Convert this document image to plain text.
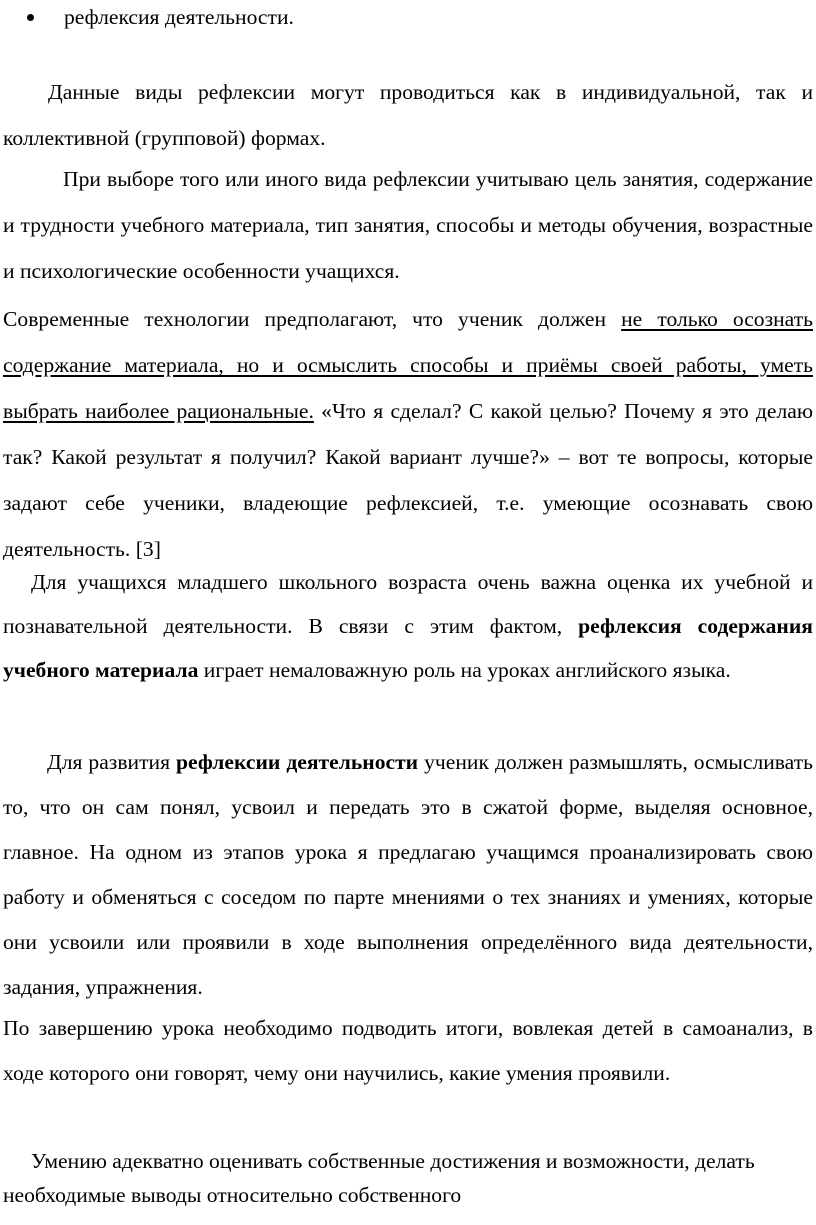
рефлексия деятельности.

Данные виды рефлексии могут проводиться как в индивидуальной, так и коллективной (групповой) формах.

При выборе того или иного вида рефлексии учитываю цель занятия, содержание и трудности учебного материала, тип занятия, способы и методы обучения, возрастные и психологические особенности учащихся.

Современные технологии предполагают, что ученик должен не только осознать содержание материала, но и осмыслить способы и приёмы своей работы, уметь выбрать наиболее рациональные. «Что я сделал? С какой целью? Почему я это делаю так? Какой результат я получил? Какой вариант лучше?» – вот те вопросы, которые задают себе ученики, владеющие рефлексией, т.е. умеющие осознавать свою деятельность. [3]

Для учащихся младшего школьного возраста очень важна оценка их учебной и познавательной деятельности. В связи с этим фактом, рефлексия содержания учебного материала играет немаловажную роль на уроках английского языка.

Для развития рефлексии деятельности ученик должен размышлять, осмысливать то, что он сам понял, усвоил и передать это в сжатой форме, выделяя основное, главное. На одном из этапов урока я предлагаю учащимся проанализировать свою работу и обменяться с соседом по парте мнениями о тех знаниях и умениях, которые они усвоили или проявили в ходе выполнения определённого вида деятельности, задания, упражнения.

По завершению урока необходимо подводить итоги, вовлекая детей в самоанализ, в ходе которого они говорят, чему они научились, какие умения проявили.

Умению адекватно оценивать собственные достижения и возможности, делать необходимые выводы относительно собственного
